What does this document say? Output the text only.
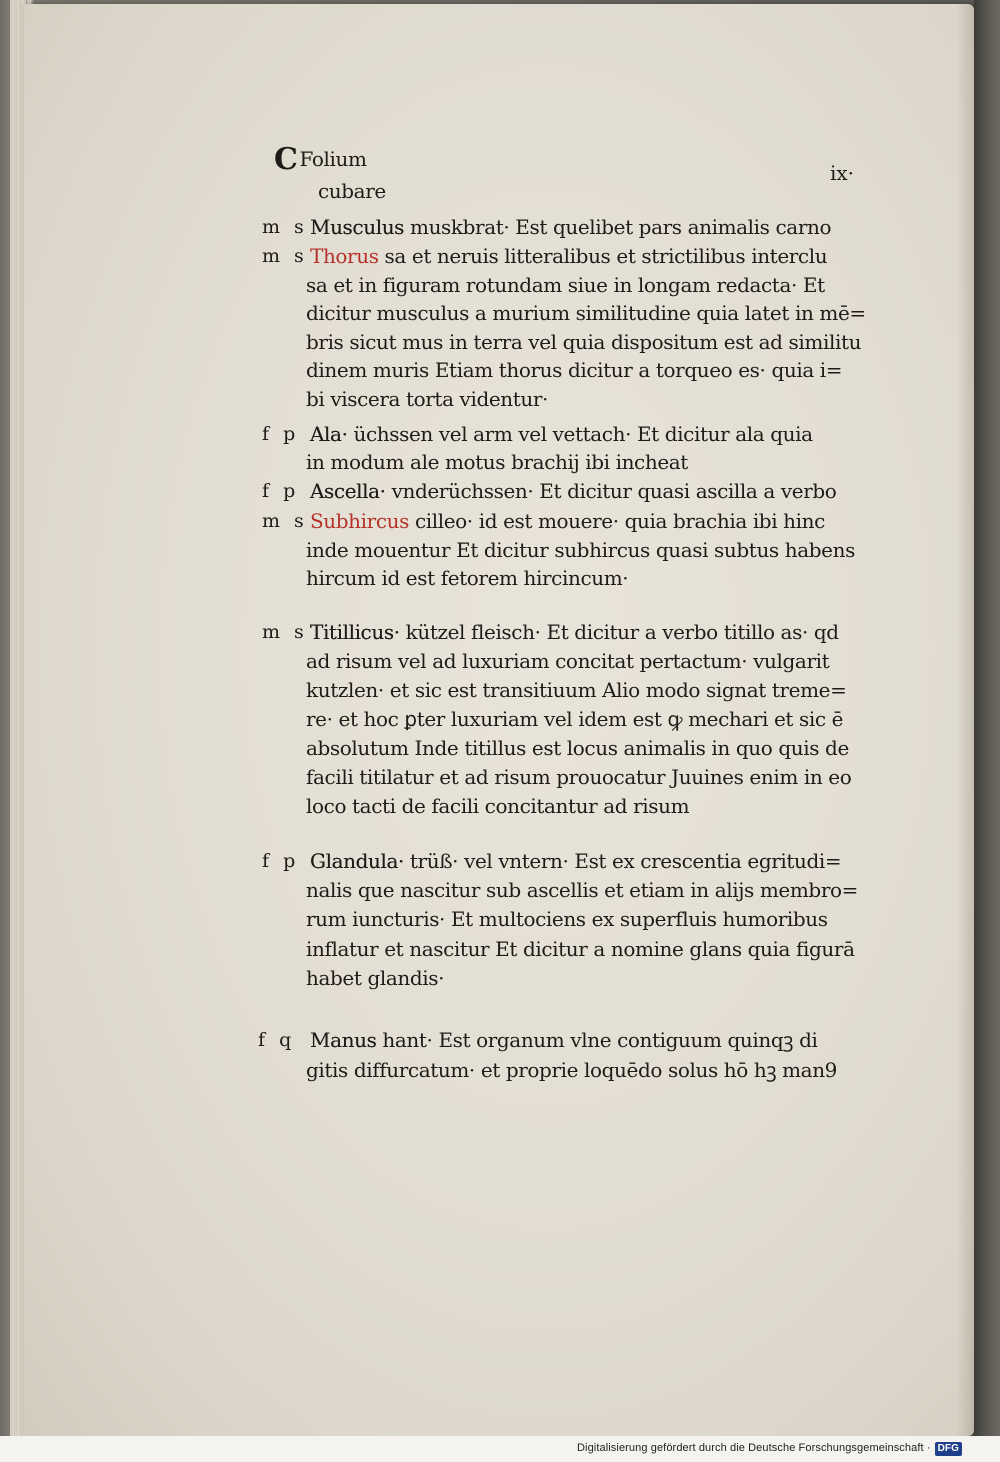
C Folium
ix·
cubare
m s Musculus muskbrat· Est quelibet pars animalis carno
m s Thorus sa et neruis litteralibus et strictilibus interclu
sa et in figuram rotundam siue in longam redacta· Et
dicitur musculus a murium similitudine quia latet in mē=
bris sicut mus in terra vel quia dispositum est ad similitu
dinem muris Etiam thorus dicitur a torqueo es· quia i=
bi viscera torta videntur·
f p Ala· üchssen vel arm vel vettach· Et dicitur ala quia
in modum ale motus brachij ibi incheat
f p Ascella· vnderüchssen· Et dicitur quasi ascilla a verbo
m s Subhircus cilleo· id est mouere· quia brachia ibi hinc
inde mouentur Et dicitur subhircus quasi subtus habens
hircum id est fetorem hircincum·
m s Titillicus· kützel fleisch· Et dicitur a verbo titillo as· qd
ad risum vel ad luxuriam concitat pertactum· vulgarit
kutzlen· et sic est transitiuum Alio modo signat treme=
re· et hoc ꝑter luxuriam vel idem est ꝙ mechari et sic ē
absolutum Inde titillus est locus animalis in quo quis de
facili titilatur et ad risum prouocatur Juuines enim in eo
loco tacti de facili concitantur ad risum
f p Glandula· trüß· vel vntern· Est ex crescentia egritudi=
nalis que nascitur sub ascellis et etiam in alijs membro=
rum iuncturis· Et multociens ex superfluis humoribus
inflatur et nascitur Et dicitur a nomine glans quia figurā
habet glandis·
f q Manus hant· Est organum vlne contiguum quinqꝫ di
gitis diffurcatum· et proprie loquēdo solus hō hꝫ man9
Digitalisierung gefördert durch die Deutsche Forschungsgemeinschaft · DFG
